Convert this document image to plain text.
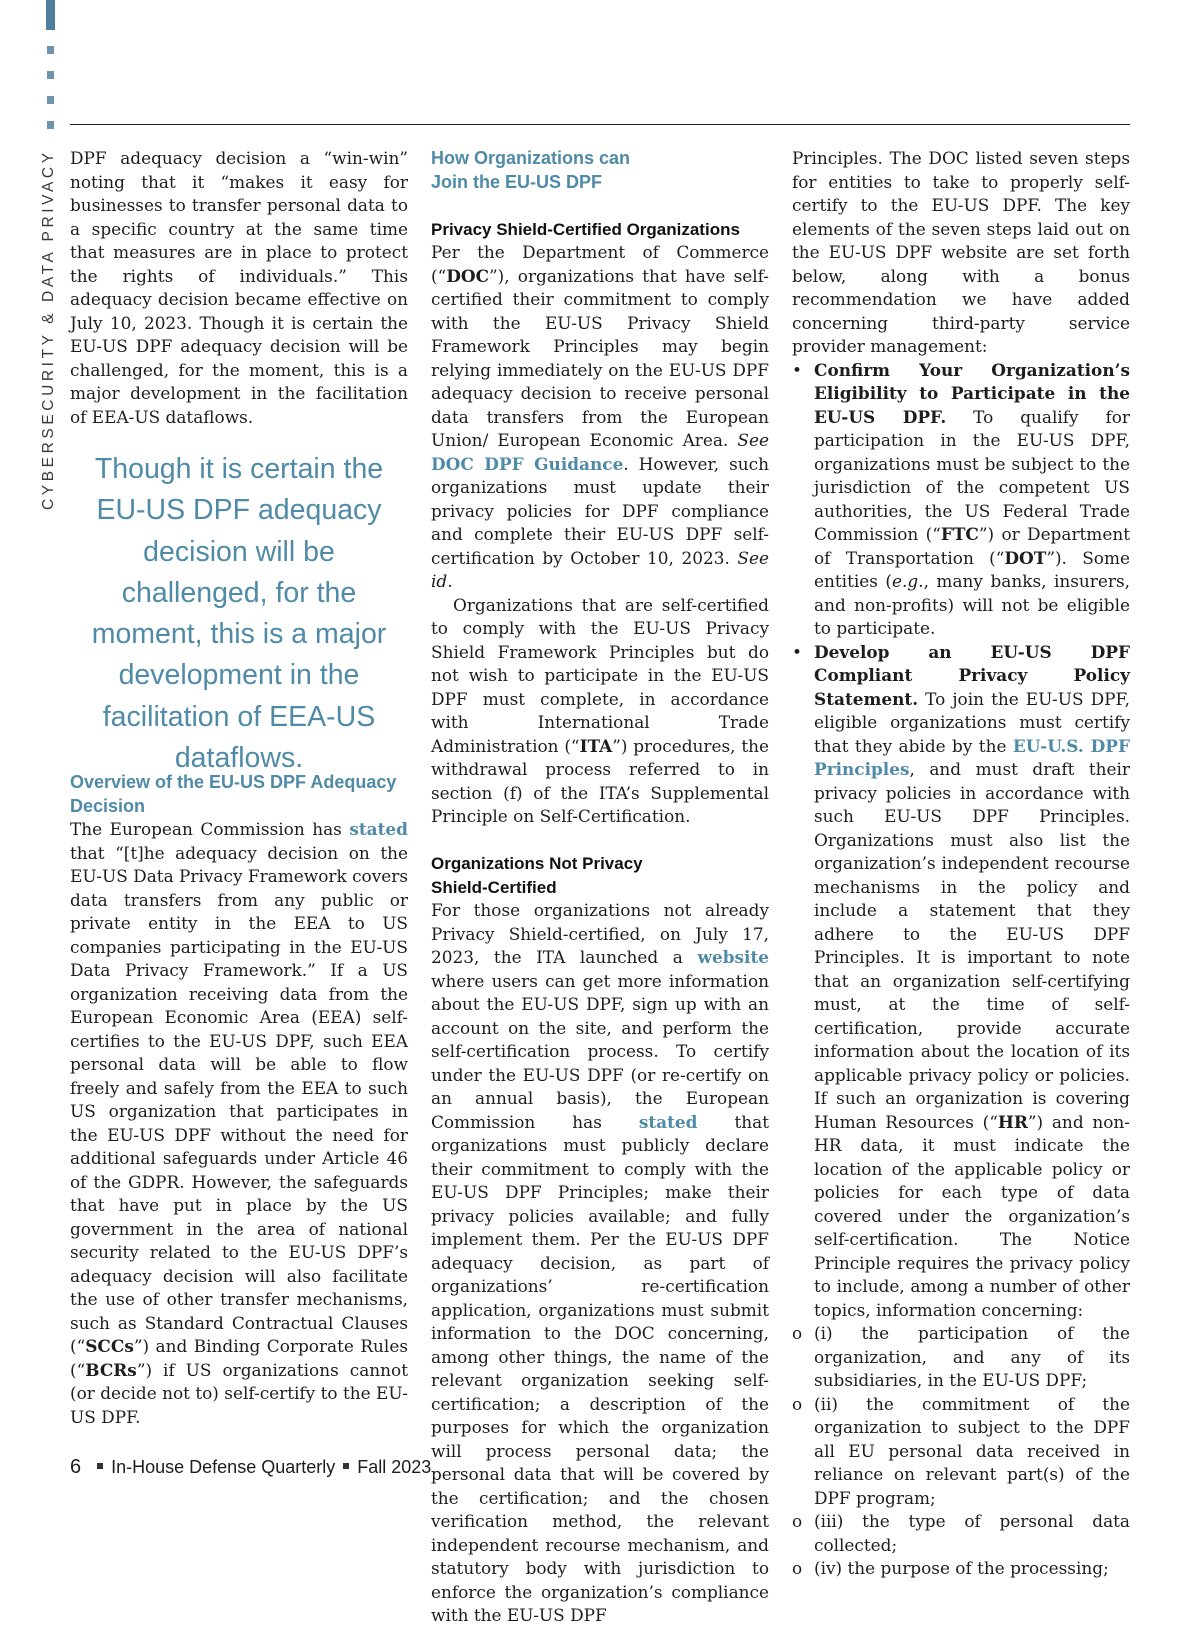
CYBERSECURITY & DATA PRIVACY DPF adequacy decision a “win-win” noting that it “makes it easy for businesses to transfer personal data to a specific country at the same time that measures are in place to protect the rights of individuals.” This adequacy decision became effective on July 10, 2023. Though it is certain the EU-US DPF adequacy decision will be challenged, for the moment, this is a major development in the facilitation of EEA-US dataflows.

Though it is certain the EU-US DPF adequacy decision will be challenged, for the moment, this is a major development in the facilitation of EEA-US dataflows.
Overview of the EU-US DPF Adequacy Decision

The European Commission has stated that “[t]he adequacy decision on the EU-US Data Privacy Framework covers data transfers from any public or private entity in the EEA to US companies participating in the EU-US Data Privacy Framework.” If a US organization receiving data from the European Economic Area (EEA) self-certifies to the EU-US DPF, such EEA personal data will be able to flow freely and safely from the EEA to such US organization that participates in the EU-US DPF without the need for additional safeguards under Article 46 of the GDPR. However, the safeguards that have put in place by the US government in the area of national security related to the EU-US DPF’s adequacy decision will also facilitate the use of other transfer mechanisms, such as Standard Contractual Clauses (“SCCs”) and Binding Corporate Rules (“BCRs”) if US organizations cannot (or decide not to) self-certify to the EU-US DPF.

How Organizations can Join the EU-US DPF
Privacy Shield-Certified Organizations

Per the Department of Commerce (“DOC”), organizations that have self-certified their commitment to comply with the EU-US Privacy Shield Framework Principles may begin relying immediately on the EU-US DPF adequacy decision to receive personal data transfers from the European Union/ European Economic Area. See DOC DPF Guidance. However, such organizations must update their privacy policies for DPF compliance and complete their EU-US DPF self-certification by October 10, 2023. See id.

Organizations that are self-certified to comply with the EU-US Privacy Shield Framework Principles but do not wish to participate in the EU-US DPF must complete, in accordance with International Trade Administration (“ITA”) procedures, the withdrawal process referred to in section (f) of the ITA’s Supplemental Principle on Self-Certification.

Organizations Not Privacy Shield-Certified

For those organizations not already Privacy Shield-certified, on July 17, 2023, the ITA launched a website where users can get more information about the EU-US DPF, sign up with an account on the site, and perform the self-certification process. To certify under the EU-US DPF (or re-certify on an annual basis), the European Commission has stated that organizations must publicly declare their commitment to comply with the EU-US DPF Principles; make their privacy policies available; and fully implement them. Per the EU-US DPF adequacy decision, as part of organizations’ re-certification application, organizations must submit information to the DOC concerning, among other things, the name of the relevant organization seeking self-certification; a description of the purposes for which the organization will process personal data; the personal data that will be covered by the certification; and the chosen verification method, the relevant independent recourse mechanism, and statutory body with jurisdiction to enforce the organization’s compliance with the EU-US DPF

Principles. The DOC listed seven steps for entities to take to properly self-certify to the EU-US DPF. The key elements of the seven steps laid out on the EU-US DPF website are set forth below, along with a bonus recommendation we have added concerning third-party service provider management:

• Confirm Your Organization’s Eligibility to Participate in the EU-US DPF. To qualify for participation in the EU-US DPF, organizations must be subject to the jurisdiction of the competent US authorities, the US Federal Trade Commission (“FTC”) or Department of Transportation (“DOT”). Some entities (e.g., many banks, insurers, and non-profits) will not be eligible to participate.
• Develop an EU-US DPF Compliant Privacy Policy Statement. To join the EU-US DPF, eligible organizations must certify that they abide by the EU-U.S. DPF Principles, and must draft their privacy policies in accordance with such EU-US DPF Principles. Organizations must also list the organization’s independent recourse mechanisms in the policy and include a statement that they adhere to the EU-US DPF Principles. It is important to note that an organization self-certifying must, at the time of self-certification, provide accurate information about the location of its applicable privacy policy or policies. If such an organization is covering Human Resources (“HR”) and non-HR data, it must indicate the location of the applicable policy or policies for each type of data covered under the organization’s self-certification. The Notice Principle requires the privacy policy to include, among a number of other topics, information concerning:
o (i) the participation of the organization, and any of its subsidiaries, in the EU-US DPF;
o (ii) the commitment of the organization to subject to the DPF all EU personal data received in reliance on relevant part(s) of the DPF program;
o (iii) the type of personal data collected;
o (iv) the purpose of the processing;
6 In-House Defense Quarterly Fall 2023
